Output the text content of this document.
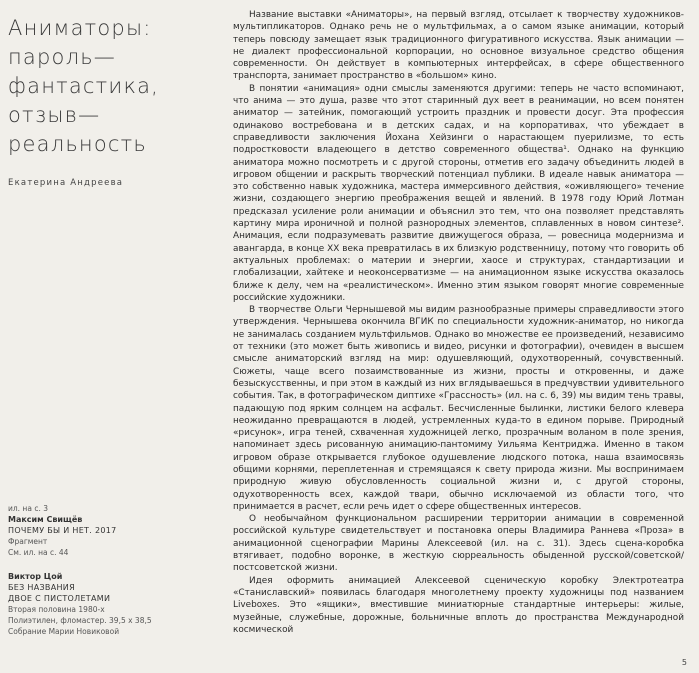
Аниматоры:
пароль—
фантастика,
отзыв—
реальность
Екатерина Андреева
ил. на с. 3
Максим Свищёв
ПОЧЕМУ БЫ И НЕТ. 2017
Фрагмент
См. ил. на с. 44
Виктор Цой
БЕЗ НАЗВАНИЯ
ДВОЕ С ПИСТОЛЕТАМИ
Вторая половина 1980-х
Полиэтилен, фломастер. 39,5 х 38,5
Собрание Марии Новиковой

Название выставки «Аниматоры», на первый взгляд, отсылает к творчеству художников-мультипликаторов. Однако речь не о мультфильмах, а о самом языке анимации, который теперь повсюду замещает язык традиционного фигуративного искусства. Язык анимации — не диалект профессиональной корпорации, но основное визуальное средство общения современности. Он действует в компьютерных интерфейсах, в сфере общественного транспорта, занимает пространство в «большом» кино.

В понятии «анимация» одни смыслы заменяются другими: теперь не часто вспоминают, что анима — это душа, разве что этот старинный дух веет в реанимации, но всем понятен аниматор — затейник, помогающий устроить праздник и провести досуг. Эта профессия одинаково востребована и в детских садах, и на корпоративах, что убеждает в справедливости заключения Йохана Хейзинги о нарастающем пуерилизме, то есть подростковости владеющего в детство современного общества¹. Однако на функцию аниматора можно посмотреть и с другой стороны, отметив его задачу объединить людей в игровом общении и раскрыть творческий потенциал публики. В идеале навык аниматора — это собственно навык художника, мастера иммерсивного действия, «оживляющего» течение жизни, создающего энергию преображения вещей и явлений. В 1978 году Юрий Лотман предсказал усиление роли анимации и объяснил это тем, что она позволяет представлять картину мира ироничной и полной разнородных элементов, сплавленных в новом синтезе². Анимация, если подразумевать развитие движущегося образа, — ровесница модернизма и авангарда, в конце XX века превратилась в их близкую родственницу, потому что говорить об актуальных проблемах: о материи и энергии, хаосе и структурах, стандартизации и глобализации, хайтеке и неоконсерватизме — на анимационном языке искусства оказалось ближе к делу, чем на «реалистическом». Именно этим языком говорят многие современные российские художники.

В творчестве Ольги Чернышевой мы видим разнообразные примеры справедливости этого утверждения. Чернышева окончила ВГИК по специальности художник-аниматор, но никогда не занималась созданием мультфильмов. Однако во множестве ее произведений, независимо от техники (это может быть живопись и видео, рисунки и фотографии), очевиден в высшем смысле аниматорский взгляд на мир: одушевляющий, одухотворенный, сочувственный. Сюжеты, чаще всего позаимствованные из жизни, просты и откровенны, и даже безыскусственны, и при этом в каждый из них вглядываешься в предчувствии удивительного события. Так, в фотографическом диптихе «Грассность» (ил. на с. 6, 39) мы видим тень травы, падающую под ярким солнцем на асфальт. Бесчисленные былинки, листики белого клевера неожиданно превращаются в людей, устремленных куда-то в едином порыве. Природный «рисунок», игра теней, схваченная художницей легко, прозрачным воланом в поле зрения, напоминает здесь рисованную анимацию-пантомиму Уильяма Кентриджа. Именно в таком игровом образе открывается глубокое одушевление людского потока, наша взаимосвязь общими корнями, переплетенная и стремящаяся к свету природа жизни. Мы воспринимаем природную живую обусловленность социальной жизни и, с другой стороны, одухотворенность всех, каждой твари, обычно исключаемой из области того, что принимается в расчет, если речь идет о сфере общественных интересов.

О необычайном функциональном расширении территории анимации в современной российской культуре свидетельствует и постановка оперы Владимира Раннева «Проза» в анимационной сценографии Марины Алексеевой (ил. на с. 31). Здесь сцена-коробка втягивает, подобно воронке, в жесткую сюрреальность обыденной русской/советской/постсоветской жизни.

Идея оформить анимацией Алексеевой сценическую коробку Электротеатра «Станиславский» появилась благодаря многолетнему проекту художницы под названием Liveboxes. Это «ящики», вместившие миниатюрные стандартные интерьеры: жилые, музейные, служебные, дорожные, больничные вплоть до пространства Международной космической

5
